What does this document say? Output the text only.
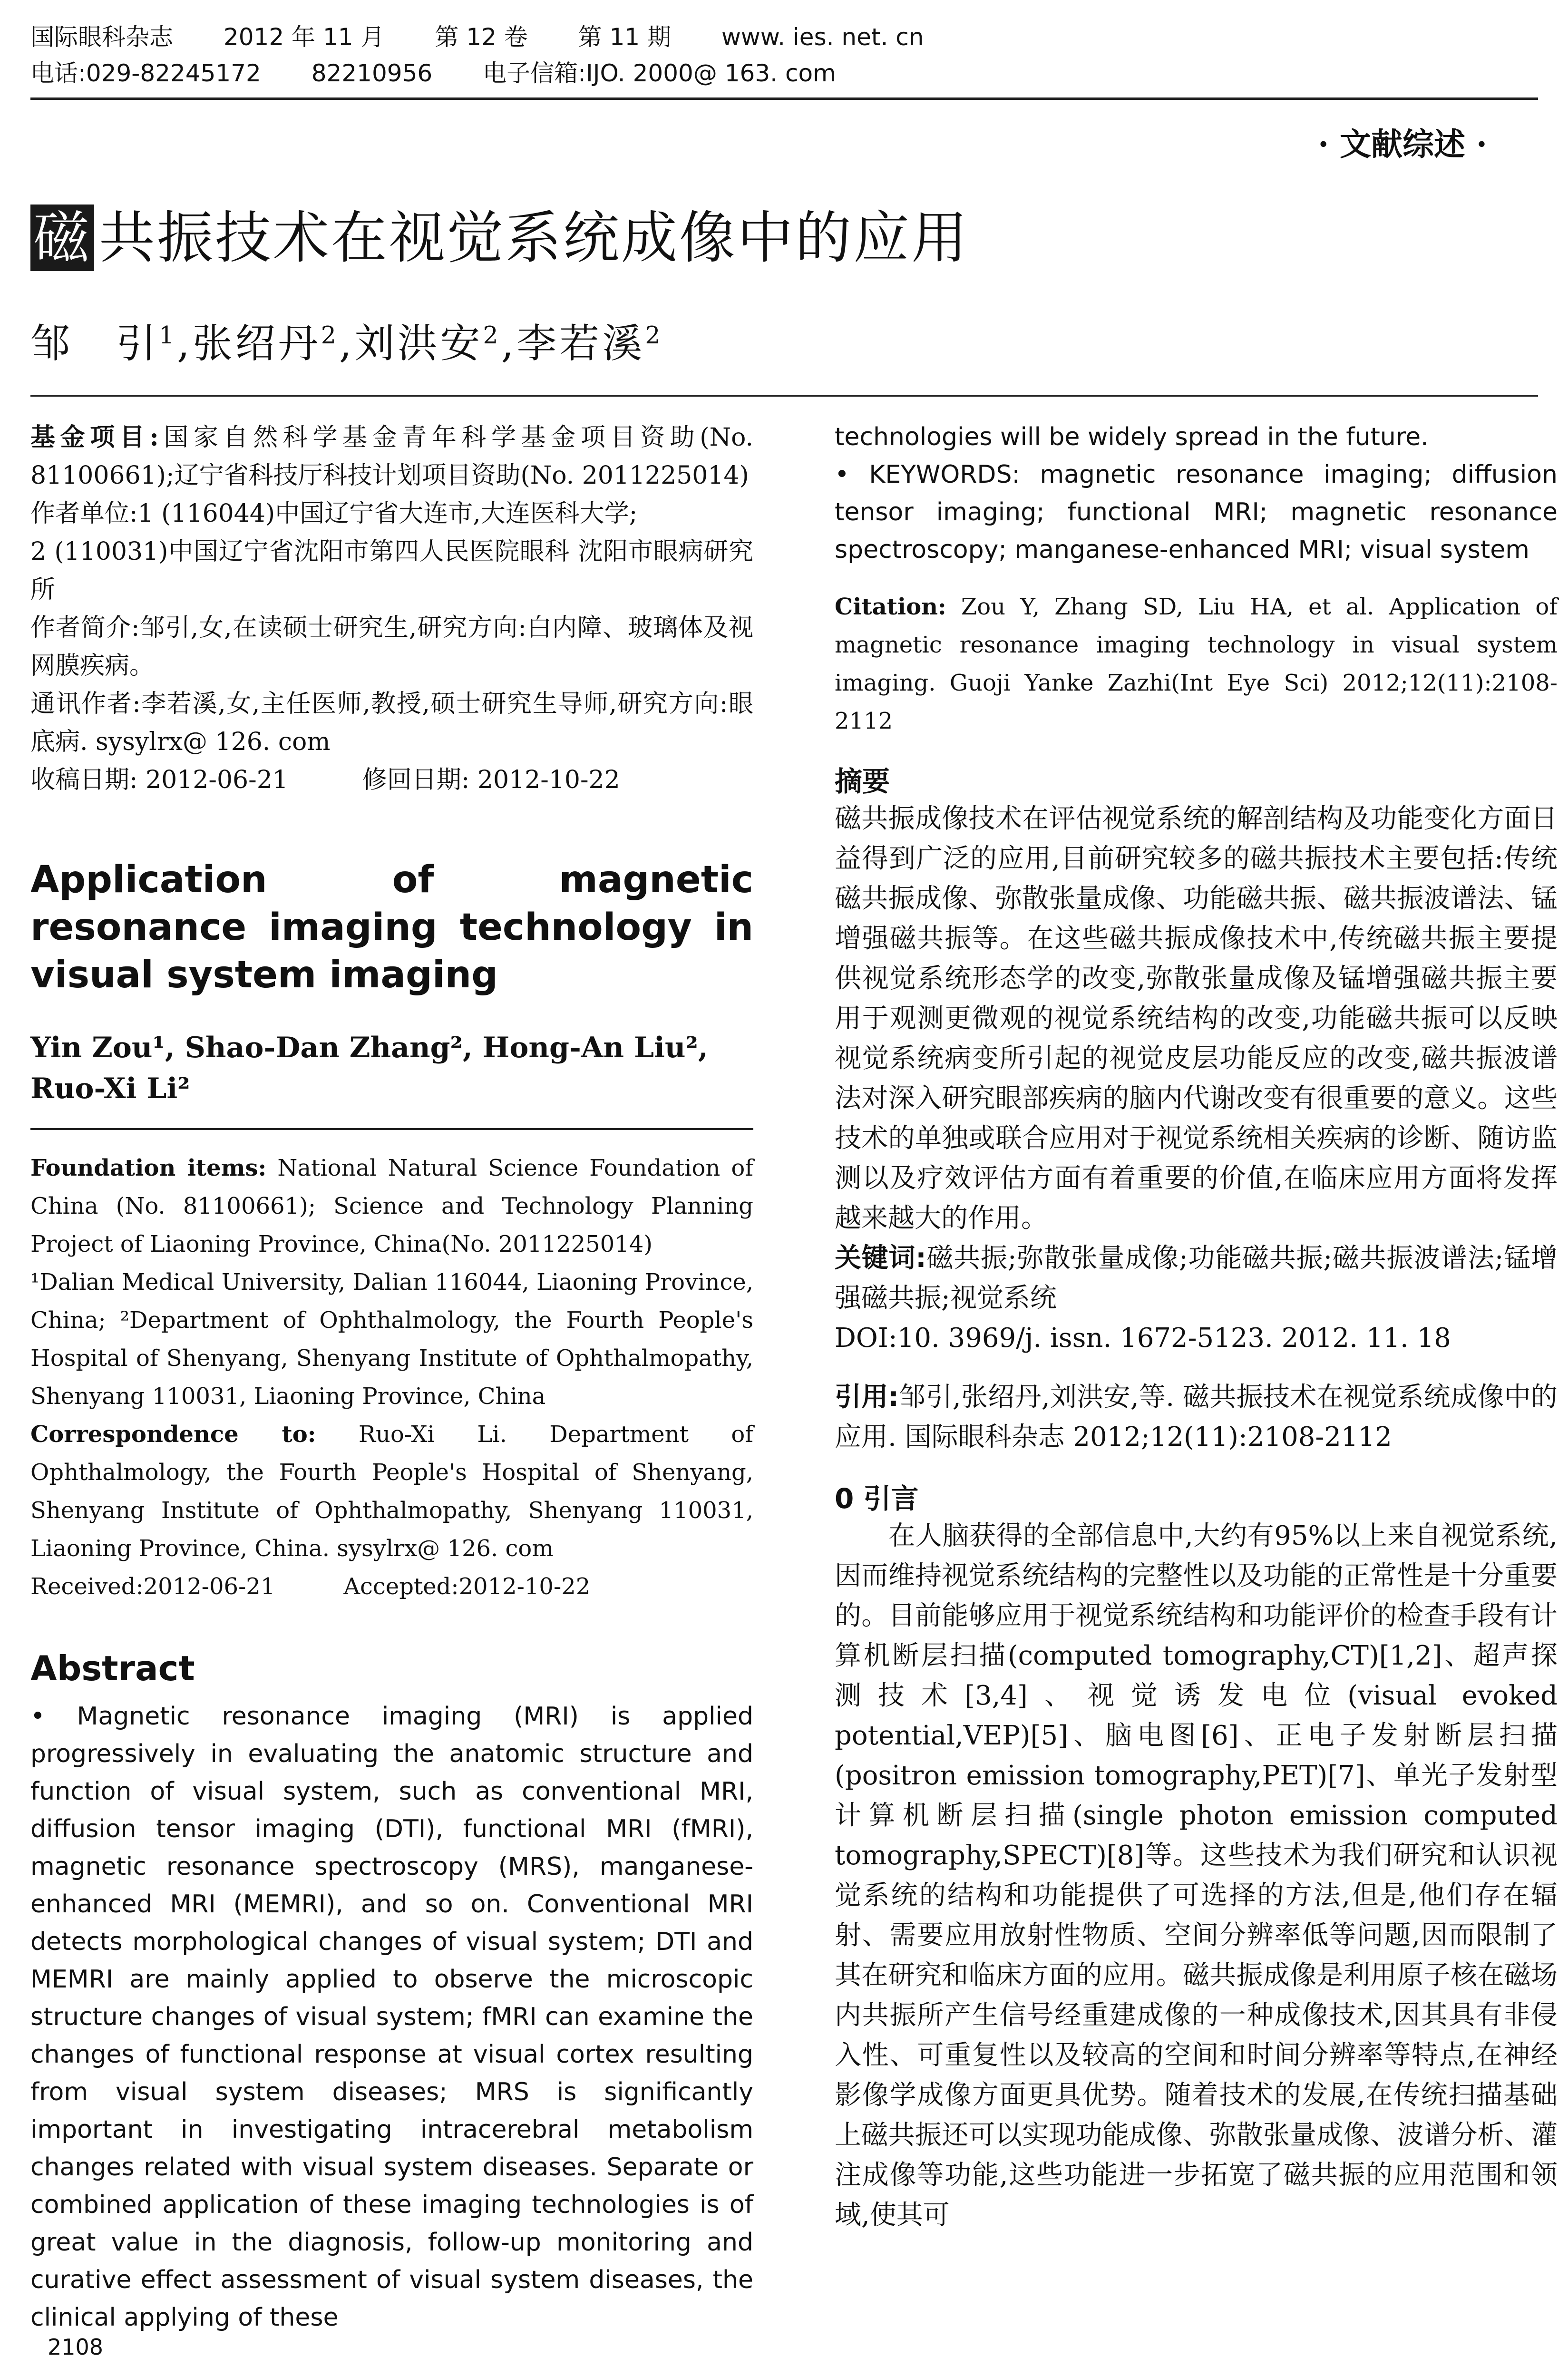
国际眼科杂志 2012 年 11 月 第 12 卷 第 11 期 www. ies. net. cn
电话:029-82245172 82210956 电子信箱:IJO. 2000@ 163. com
· 文献综述 ·
磁 共振技术在视觉系统成像中的应用
邹　引$^1$,张绍丹$^2$,刘洪安$^2$,李若溪$^2$

基金项目:国家自然科学基金青年科学基金项目资助(No. 81100661);辽宁省科技厅科技计划项目资助(No. 2011225014)

作者单位:1 (116044)中国辽宁省大连市,大连医科大学;
2 (110031)中国辽宁省沈阳市第四人民医院眼科 沈阳市眼病研究所

作者简介:邹引,女,在读硕士研究生,研究方向:白内障、玻璃体及视网膜疾病。

通讯作者:李若溪,女,主任医师,教授,硕士研究生导师,研究方向:眼底病. sysylrx@ 126. com

收稿日期: 2012-06-21　　　修回日期: 2012-10-22

Application of magnetic resonance imaging technology in visual system imaging
Yin Zou¹, Shao-Dan Zhang², Hong-An Liu², Ruo-Xi Li²

Foundation items: National Natural Science Foundation of China (No. 81100661); Science and Technology Planning Project of Liaoning Province, China(No. 2011225014)

¹Dalian Medical University, Dalian 116044, Liaoning Province, China; ²Department of Ophthalmology, the Fourth People's Hospital of Shenyang, Shenyang Institute of Ophthalmopathy, Shenyang 110031, Liaoning Province, China

Correspondence to: Ruo-Xi Li. Department of Ophthalmology, the Fourth People's Hospital of Shenyang, Shenyang Institute of Ophthalmopathy, Shenyang 110031, Liaoning Province, China. sysylrx@ 126. com

Received:2012-06-21　　　Accepted:2012-10-22

Abstract

• Magnetic resonance imaging (MRI) is applied progressively in evaluating the anatomic structure and function of visual system, such as conventional MRI, diffusion tensor imaging (DTI), functional MRI (fMRI), magnetic resonance spectroscopy (MRS), manganese-enhanced MRI (MEMRI), and so on. Conventional MRI detects morphological changes of visual system; DTI and MEMRI are mainly applied to observe the microscopic structure changes of visual system; fMRI can examine the changes of functional response at visual cortex resulting from visual system diseases; MRS is significantly important in investigating intracerebral metabolism changes related with visual system diseases. Separate or combined application of these imaging technologies is of great value in the diagnosis, follow-up monitoring and curative effect assessment of visual system diseases, the clinical applying of these

technologies will be widely spread in the future.

• KEYWORDS: magnetic resonance imaging; diffusion tensor imaging; functional MRI; magnetic resonance spectroscopy; manganese-enhanced MRI; visual system

Citation: Zou Y, Zhang SD, Liu HA, et al. Application of magnetic resonance imaging technology in visual system imaging. Guoji Yanke Zazhi(Int Eye Sci) 2012;12(11):2108-2112

摘要

磁共振成像技术在评估视觉系统的解剖结构及功能变化方面日益得到广泛的应用,目前研究较多的磁共振技术主要包括:传统磁共振成像、弥散张量成像、功能磁共振、磁共振波谱法、锰增强磁共振等。在这些磁共振成像技术中,传统磁共振主要提供视觉系统形态学的改变,弥散张量成像及锰增强磁共振主要用于观测更微观的视觉系统结构的改变,功能磁共振可以反映视觉系统病变所引起的视觉皮层功能反应的改变,磁共振波谱法对深入研究眼部疾病的脑内代谢改变有很重要的意义。这些技术的单独或联合应用对于视觉系统相关疾病的诊断、随访监测以及疗效评估方面有着重要的价值,在临床应用方面将发挥越来越大的作用。

关键词:磁共振;弥散张量成像;功能磁共振;磁共振波谱法;锰增强磁共振;视觉系统

DOI:10. 3969/j. issn. 1672-5123. 2012. 11. 18

引用:邹引,张绍丹,刘洪安,等. 磁共振技术在视觉系统成像中的应用. 国际眼科杂志 2012;12(11):2108-2112

0 引言

　　在人脑获得的全部信息中,大约有95%以上来自视觉系统,因而维持视觉系统结构的完整性以及功能的正常性是十分重要的。目前能够应用于视觉系统结构和功能评价的检查手段有计算机断层扫描(computed tomography,CT)[1,2]、超声探测技术[3,4]、视觉诱发电位(visual evoked potential,VEP)[5]、脑电图[6]、正电子发射断层扫描(positron emission tomography,PET)[7]、单光子发射型计算机断层扫描(single photon emission computed tomography,SPECT)[8]等。这些技术为我们研究和认识视觉系统的结构和功能提供了可选择的方法,但是,他们存在辐射、需要应用放射性物质、空间分辨率低等问题,因而限制了其在研究和临床方面的应用。磁共振成像是利用原子核在磁场内共振所产生信号经重建成像的一种成像技术,因其具有非侵入性、可重复性以及较高的空间和时间分辨率等特点,在神经影像学成像方面更具优势。随着技术的发展,在传统扫描基础上磁共振还可以实现功能成像、弥散张量成像、波谱分析、灌注成像等功能,这些功能进一步拓宽了磁共振的应用范围和领域,使其可

2108
